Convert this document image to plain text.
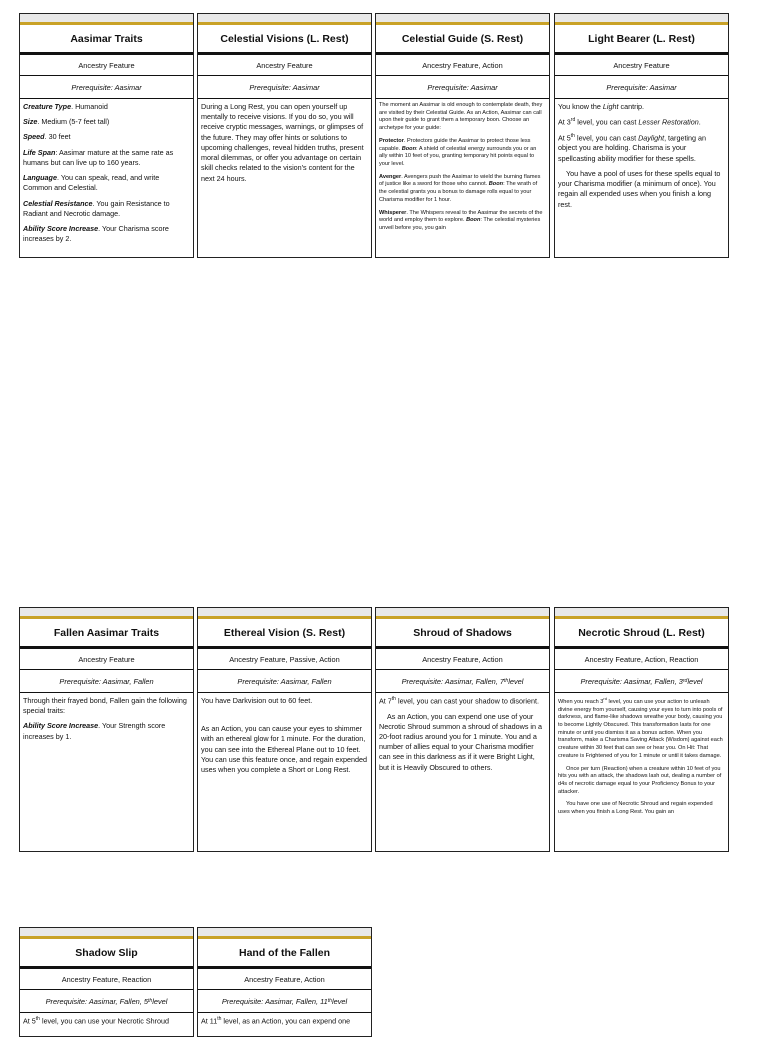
Aasimar Traits
Ancestry Feature
Prerequisite: Aasimar

Creature Type. Humanoid

Size. Medium (5-7 feet tall)

Speed. 30 feet

Life Span: Aasimar mature at the same rate as humans but can live up to 160 years.

Language. You can speak, read, and write Common and Celestial.

Celestial Resistance. You gain Resistance to Radiant and Necrotic damage.

Ability Score Increase. Your Charisma score increases by 2.

Celestial Visions (L. Rest)
Ancestry Feature
Prerequisite: Aasimar

During a Long Rest, you can open yourself up mentally to receive visions. If you do so, you will receive cryptic messages, warnings, or glimpses of the future. They may offer hints or solutions to upcoming challenges, reveal hidden truths, present moral dilemmas, or offer you advantage on certain skill checks related to the vision's content for the next 24 hours.

Celestial Guide (S. Rest)
Ancestry Feature, Action
Prerequisite: Aasimar

The moment an Aasimar is old enough to contemplate death, they are visited by their Celestial Guide. As an Action, Aasimar can call upon their guide to grant them a temporary boon. Choose an archetype for your guide:

Protector. Protectors guide the Aasimar to protect those less capable. Boon: A shield of celestial energy surrounds you or an ally within 10 feet of you, granting temporary hit points equal to your level.

Avenger. Avengers push the Aasimar to wield the burning flames of justice like a sword for those who cannot. Boon: The wrath of the celestial grants you a bonus to damage rolls equal to your Charisma modifier for 1 hour.

Whisperer. The Whispers reveal to the Aasimar the secrets of the world and employ them to explore. Boon: The celestial mysteries unveil before you, you gain

Light Bearer (L. Rest)
Ancestry Feature
Prerequisite: Aasimar

You know the Light cantrip.

At 3rd level, you can cast Lesser Restoration.

At 5th level, you can cast Daylight, targeting an object you are holding. Charisma is your spellcasting ability modifier for these spells.

You have a pool of uses for these spells equal to your Charisma modifier (a minimum of once). You regain all expended uses when you finish a long rest.

Fallen Aasimar Traits
Ancestry Feature
Prerequisite: Aasimar, Fallen

Through their frayed bond, Fallen gain the following special traits:

Ability Score Increase. Your Strength score increases by 1.

Ethereal Vision (S. Rest)
Ancestry Feature, Passive, Action
Prerequisite: Aasimar, Fallen

You have Darkvision out to 60 feet.

As an Action, you can cause your eyes to shimmer with an ethereal glow for 1 minute. For the duration, you can see into the Ethereal Plane out to 10 feet. You can use this feature once, and regain expended uses when you complete a Short or Long Rest.

Shroud of Shadows
Ancestry Feature, Action
Prerequisite: Aasimar, Fallen, 7 th level

At 7th level, you can cast your shadow to disorient.

As an Action, you can expend one use of your Necrotic Shroud summon a shroud of shadows in a 20-foot radius around you for 1 minute. You and a number of allies equal to your Charisma modifier can see in this darkness as if it were Bright Light, but it is Heavily Obscured to others.

Necrotic Shroud (L. Rest)
Ancestry Feature, Action, Reaction
Prerequisite: Aasimar, Fallen, 3 rd level

When you reach 3rd level, you can use your action to unleash divine energy from yourself, causing your eyes to turn into pools of darkness, and flame-like shadows wreathe your body, causing you to become Lightly Obscured. This transformation lasts for one minute or until you dismiss it as a bonus action. When you transform, make a Charisma Saving Attack (Wisdom) against each creature within 30 feet that can see or hear you. On Hit: That creature is Frightened of you for 1 minute or until it takes damage.

Once per turn (Reaction) when a creature within 10 feet of you hits you with an attack, the shadows lash out, dealing a number of d4s of necrotic damage equal to your Proficiency Bonus to your attacker.

You have one use of Necrotic Shroud and regain expended uses when you finish a Long Rest. You gain an

Shadow Slip
Ancestry Feature, Reaction
Prerequisite: Aasimar, Fallen, 5 th level

At 5th level, you can use your Necrotic Shroud

Hand of the Fallen
Ancestry Feature, Action
Prerequisite: Aasimar, Fallen, 11 th level

At 11th level, as an Action, you can expend one
